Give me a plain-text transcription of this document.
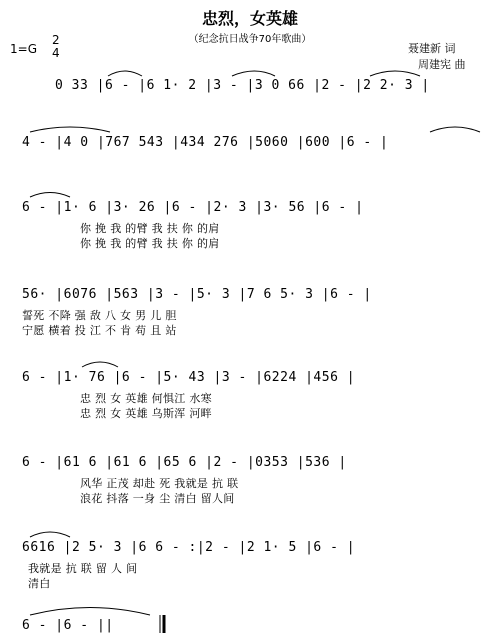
忠烈，女英雄
（纪念抗日战争70年歌曲）
1=G
2
4	聂建新 词
周建宪 曲
0 33 |6 - |6 1· 2 |3 - |3 0 66 |2 - |2 2· 3 |
4 - |4 0 |767 543 |434 276 |5060 |600 |6 - |
6 - |1· 6 |3· 26 |6 - |2· 3 |3· 56 |6 - |
你 挽 我 的臂 我 扶 你 的肩
你 挽 我 的臂 我 扶 你 的肩
56· |6076 |563 |3 - |5· 3 |7 6 5· 3 |6 - |
誓死 不降 强 敌 八 女 男 儿 胆
宁愿 横着 投 江 不 肯 苟 且 站
6 - |1· 76 |6 - |5· 43 |3 - |6224 |456 |
忠 烈 女 英雄 何惧江 水寒
忠 烈 女 英雄 乌斯浑 河畔
6 - |61 6 |61 6 |65 6 |2 - |0353 |536 |
风华 正茂 却赴 死 我就是 抗 联
浪花 抖落 一身 尘 清白 留人间
6616 |2 5· 3 |6 6 - :|2 - |2 1· 5 |6 - |
我就是 抗 联 留 人 间
清白
6 - |6 - ||
